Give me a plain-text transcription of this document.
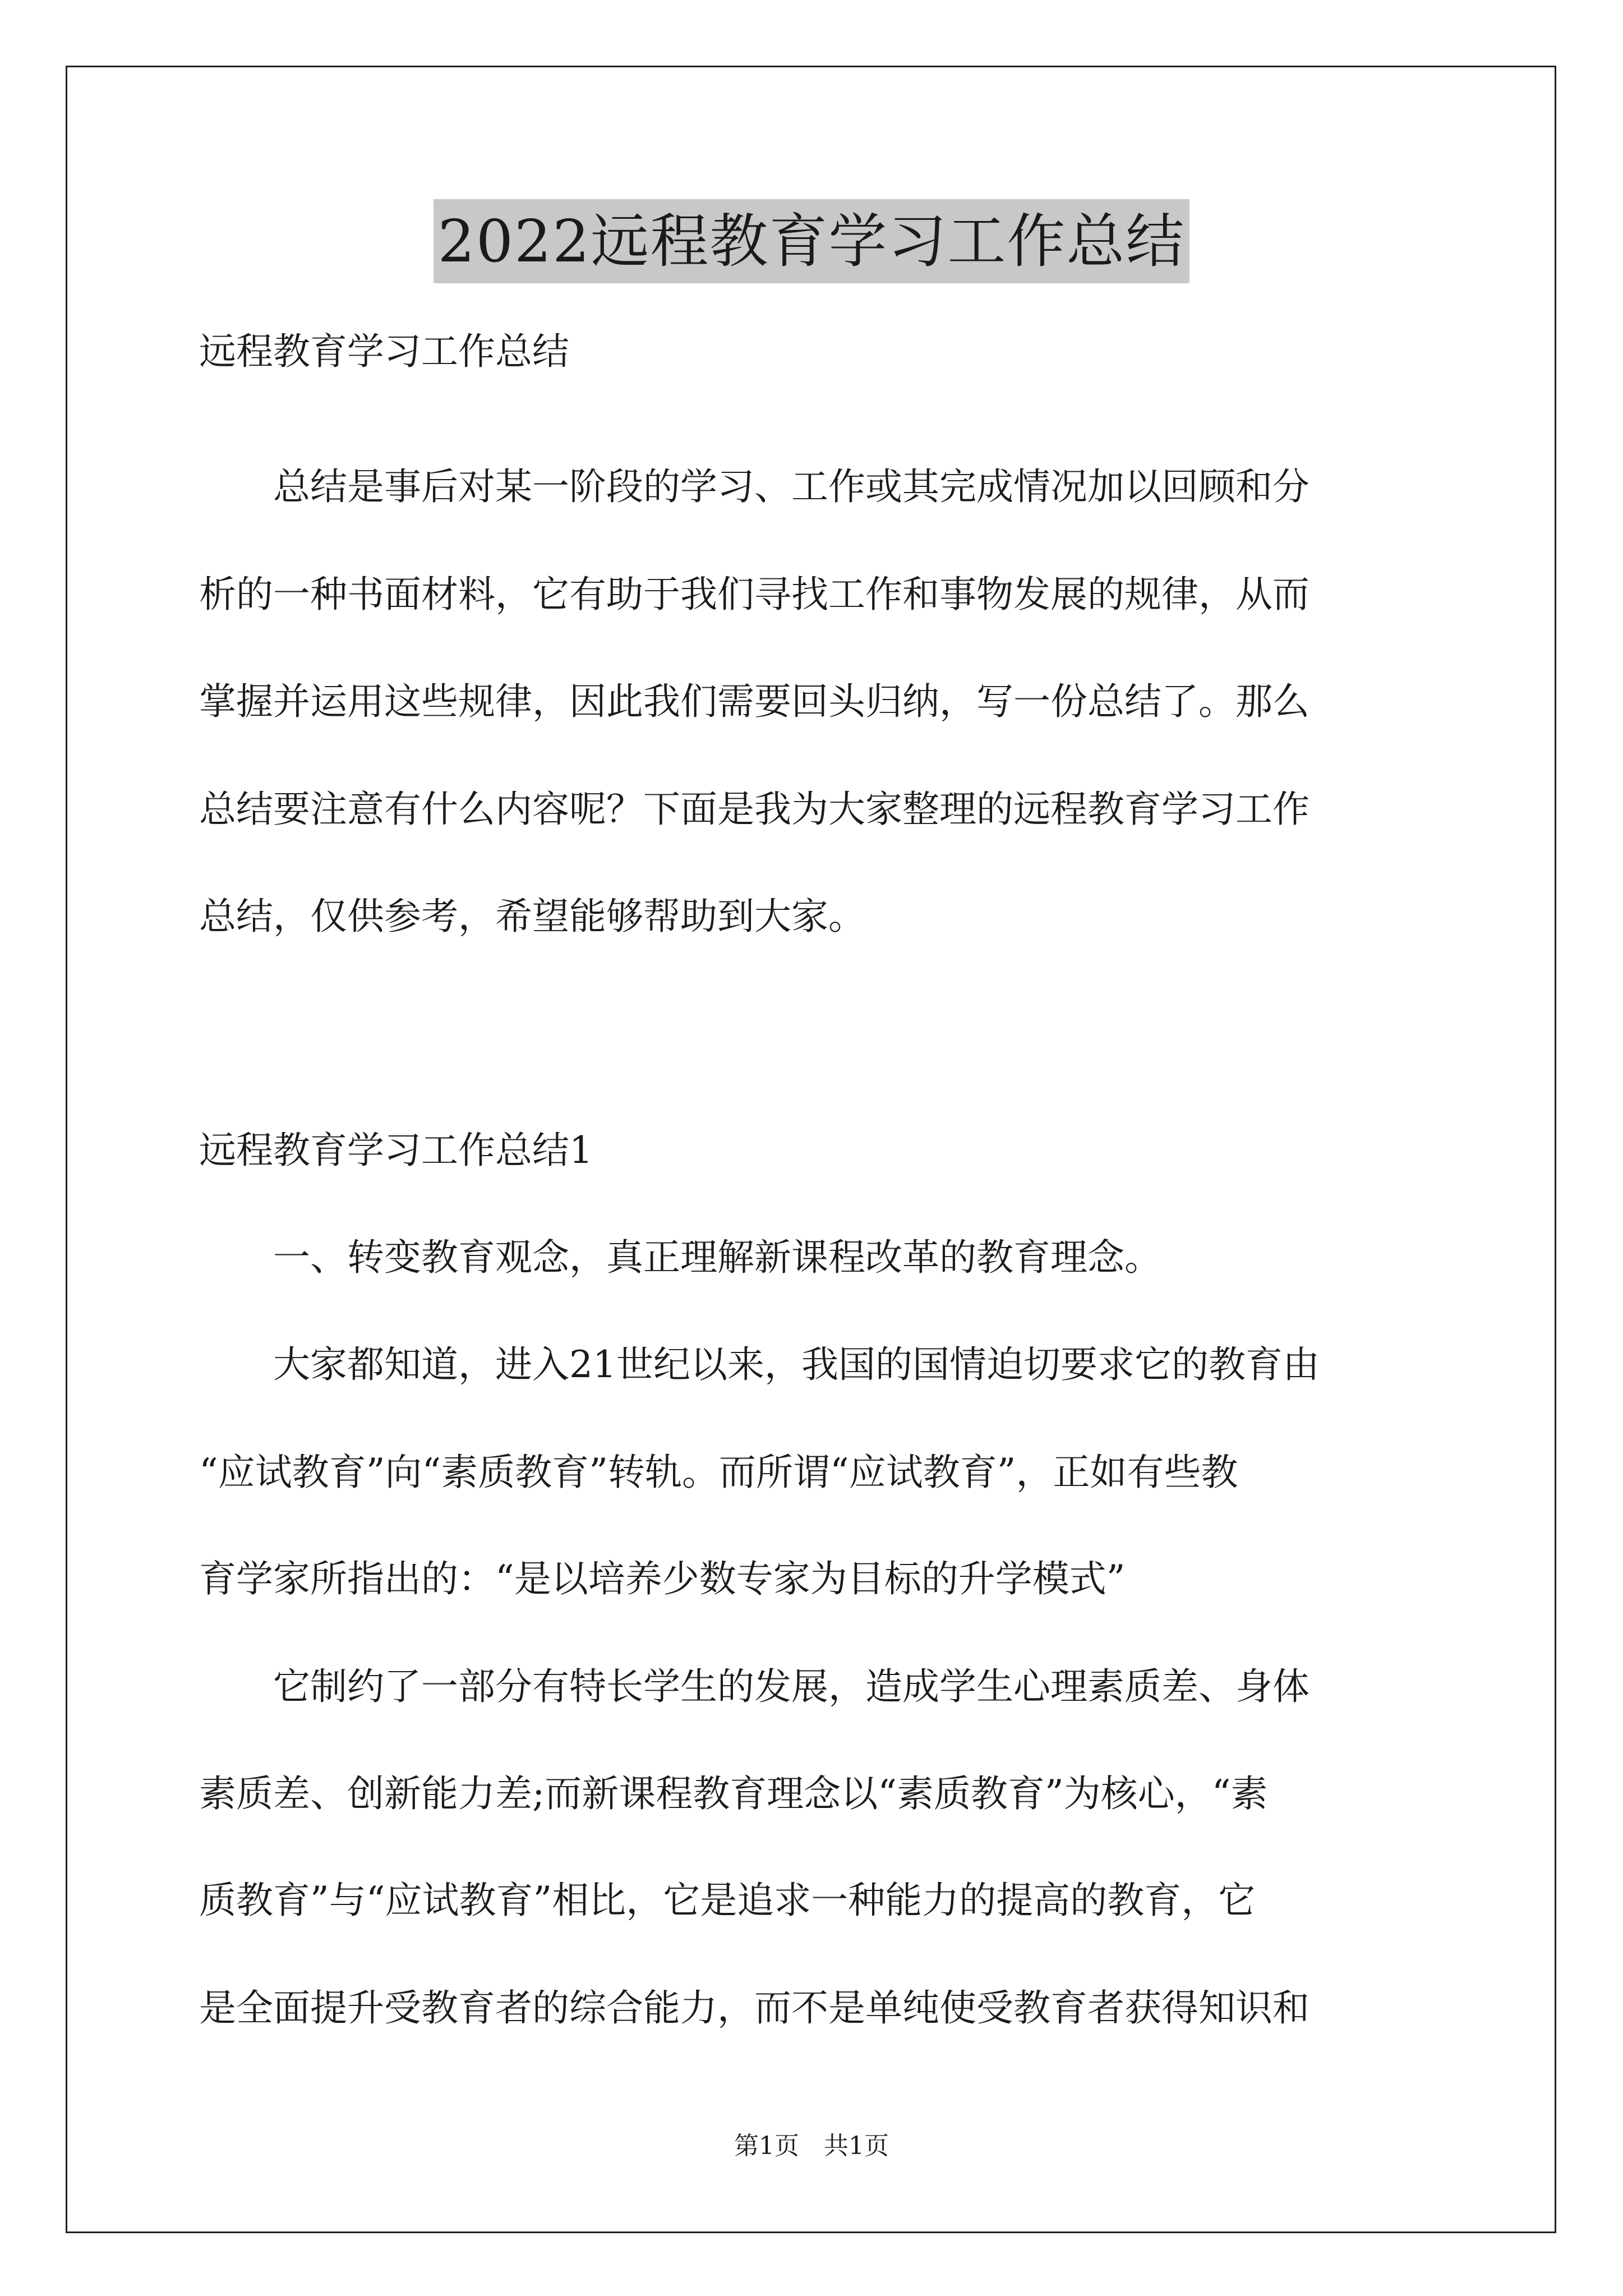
2022远程教育学习工作总结
远程教育学习工作总结
　　总结是事后对某一阶段的学习、工作或其完成情况加以回顾和分
析的一种书面材料，它有助于我们寻找工作和事物发展的规律，从而
掌握并运用这些规律，因此我们需要回头归纳，写一份总结了。那么
总结要注意有什么内容呢？下面是我为大家整理的远程教育学习工作
总结，仅供参考，希望能够帮助到大家。
远程教育学习工作总结1
　　一、转变教育观念，真正理解新课程改革的教育理念。
　　大家都知道，进入21世纪以来，我国的国情迫切要求它的教育由
“应试教育”向“素质教育”转轨。而所谓“应试教育”，正如有些教
育学家所指出的：“是以培养少数专家为目标的升学模式”
　　它制约了一部分有特长学生的发展，造成学生心理素质差、身体
素质差、创新能力差;而新课程教育理念以“素质教育”为核心，“素
质教育”与“应试教育”相比，它是追求一种能力的提高的教育，它
是全面提升受教育者的综合能力，而不是单纯使受教育者获得知识和
第1页　共1页
